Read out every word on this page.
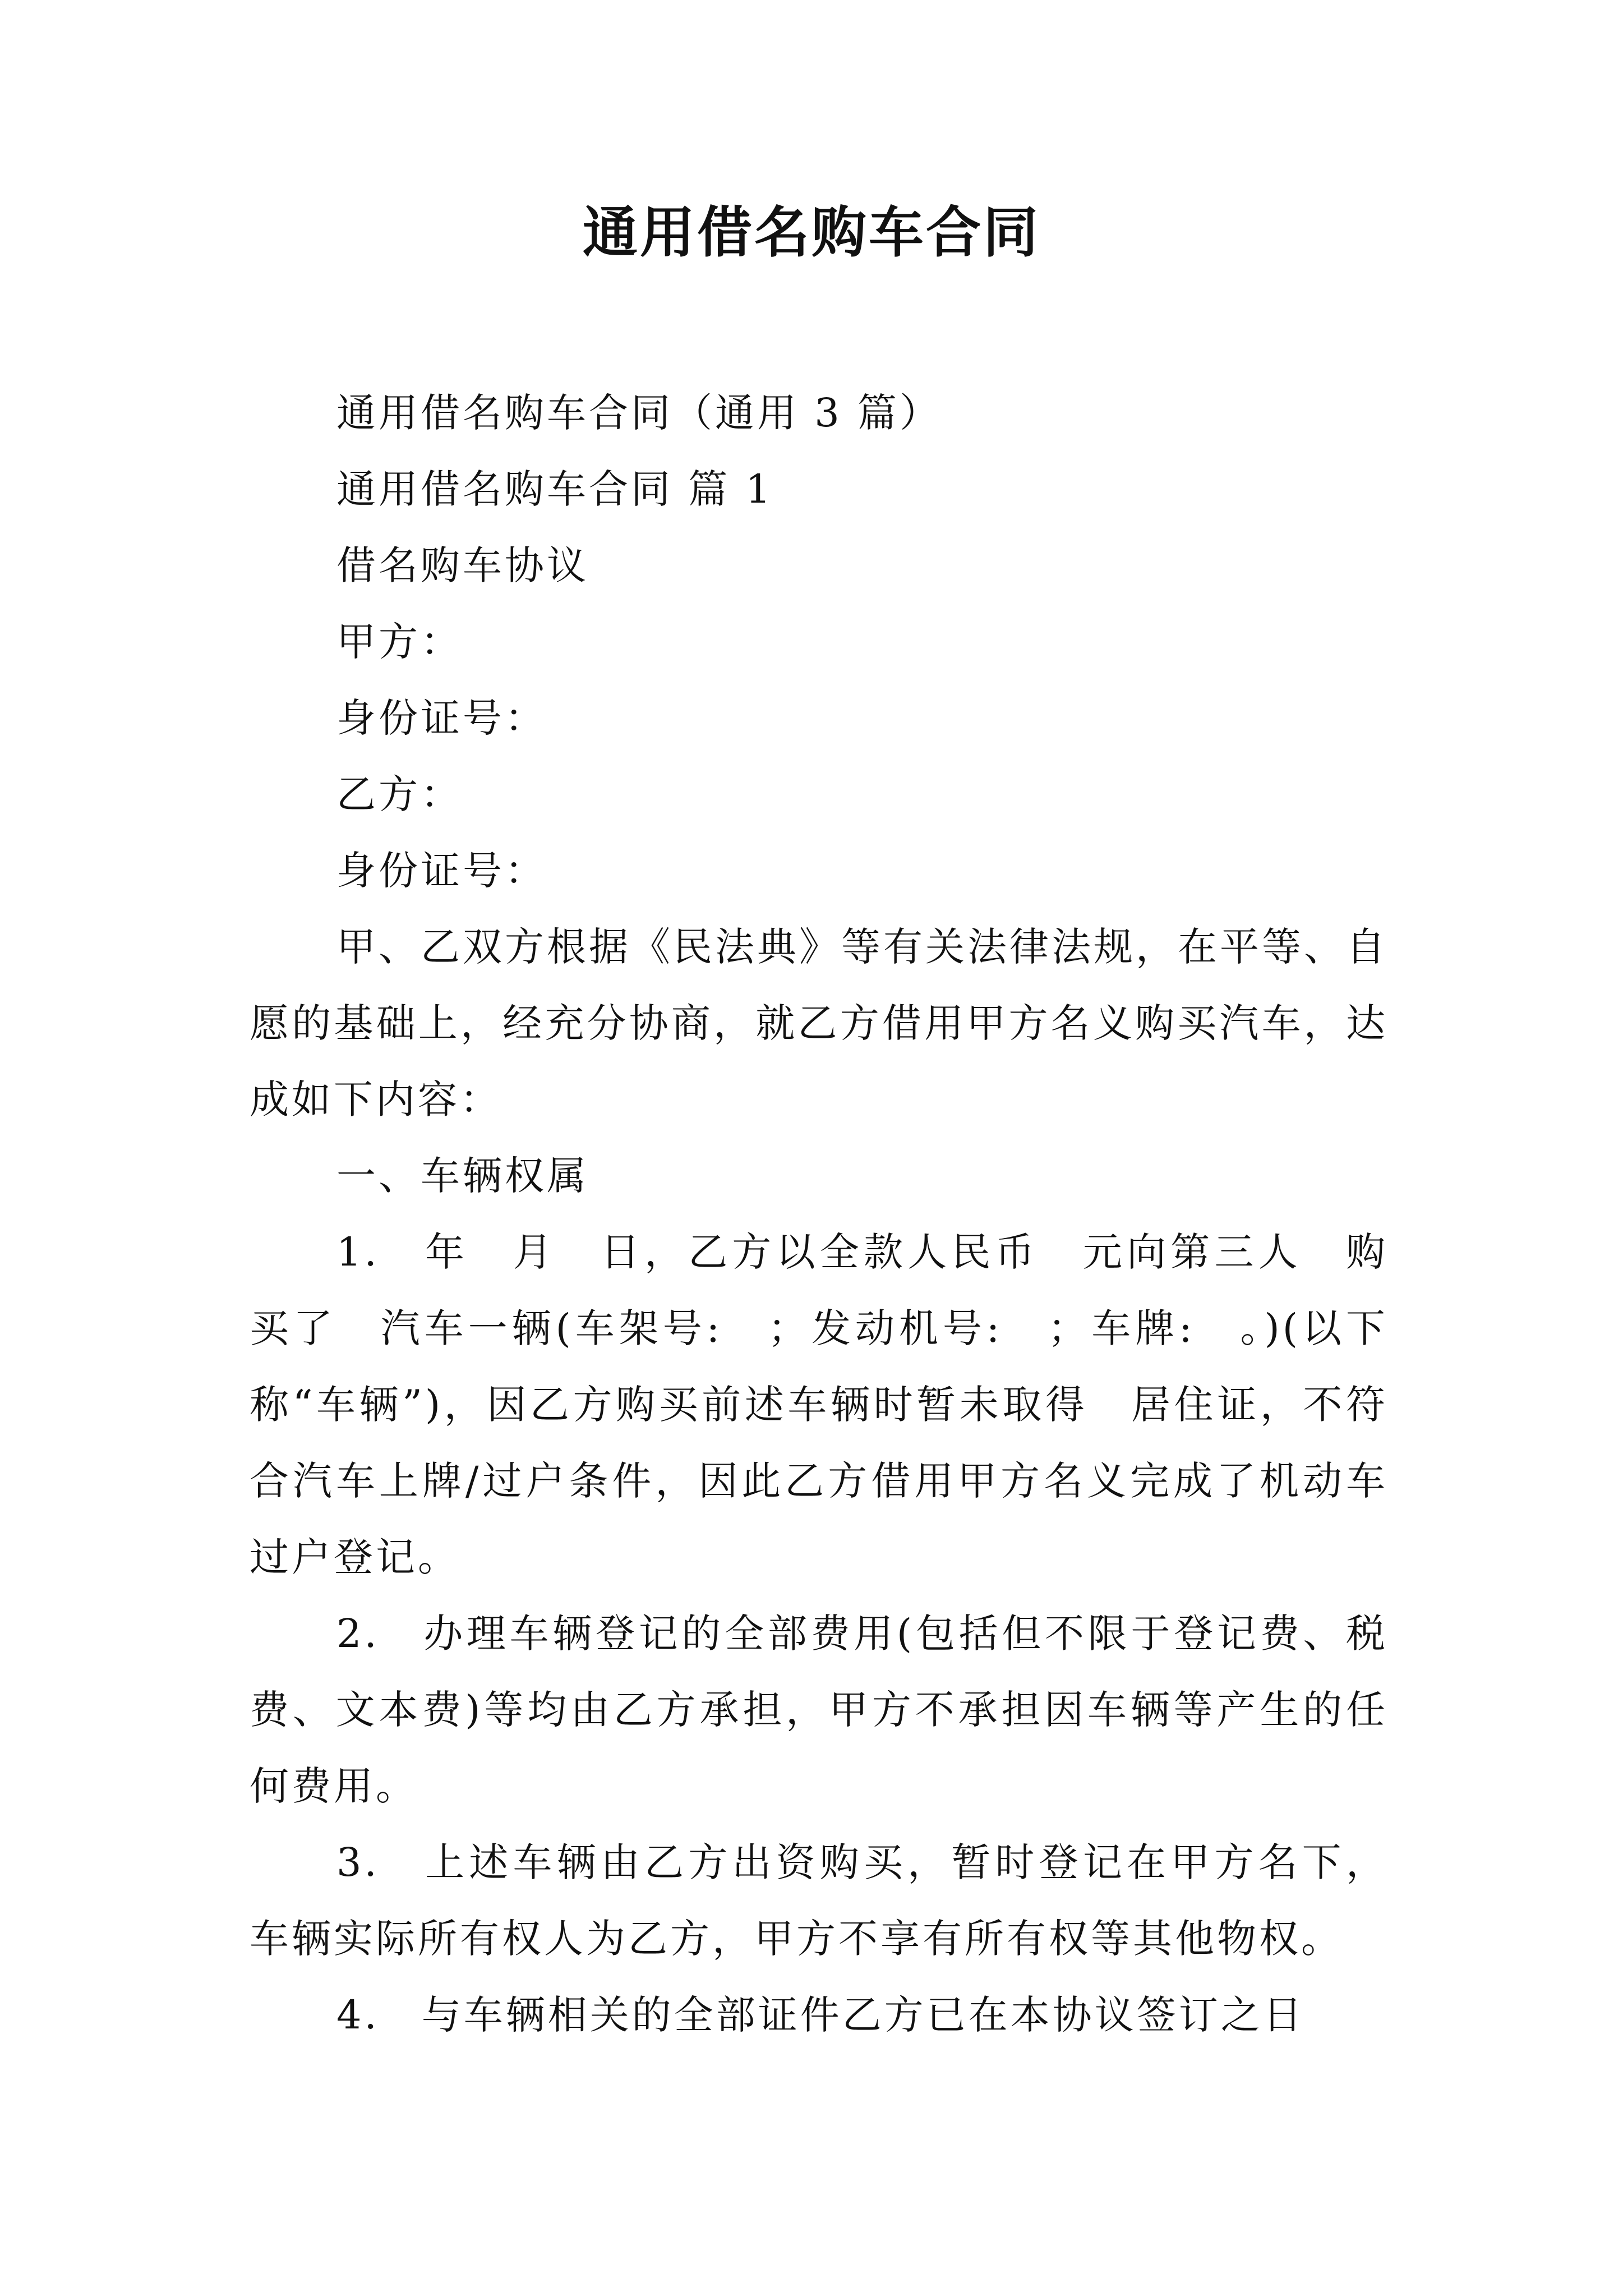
通用借名购车合同
通用借名购车合同（通用 3 篇）
通用借名购车合同 篇 1
借名购车协议
甲方：
身份证号：
乙方：
身份证号：
甲、乙双方根据《民法典》等有关法律法规，在平等、自愿的基础上，经充分协商，就乙方借用甲方名义购买汽车，达成如下内容：
一、车辆权属
1.　年　月　日，乙方以全款人民币　元向第三人　购买了　汽车一辆(车架号:　；发动机号:　；车牌:　。)(以下称“车辆”)，因乙方购买前述车辆时暂未取得　居住证，不符合汽车上牌/过户条件，因此乙方借用甲方名义完成了机动车过户登记。
2.　办理车辆登记的全部费用(包括但不限于登记费、税费、文本费)等均由乙方承担，甲方不承担因车辆等产生的任何费用。
3.　上述车辆由乙方出资购买，暂时登记在甲方名下，车辆实际所有权人为乙方，甲方不享有所有权等其他物权。
4.　与车辆相关的全部证件乙方已在本协议签订之日
